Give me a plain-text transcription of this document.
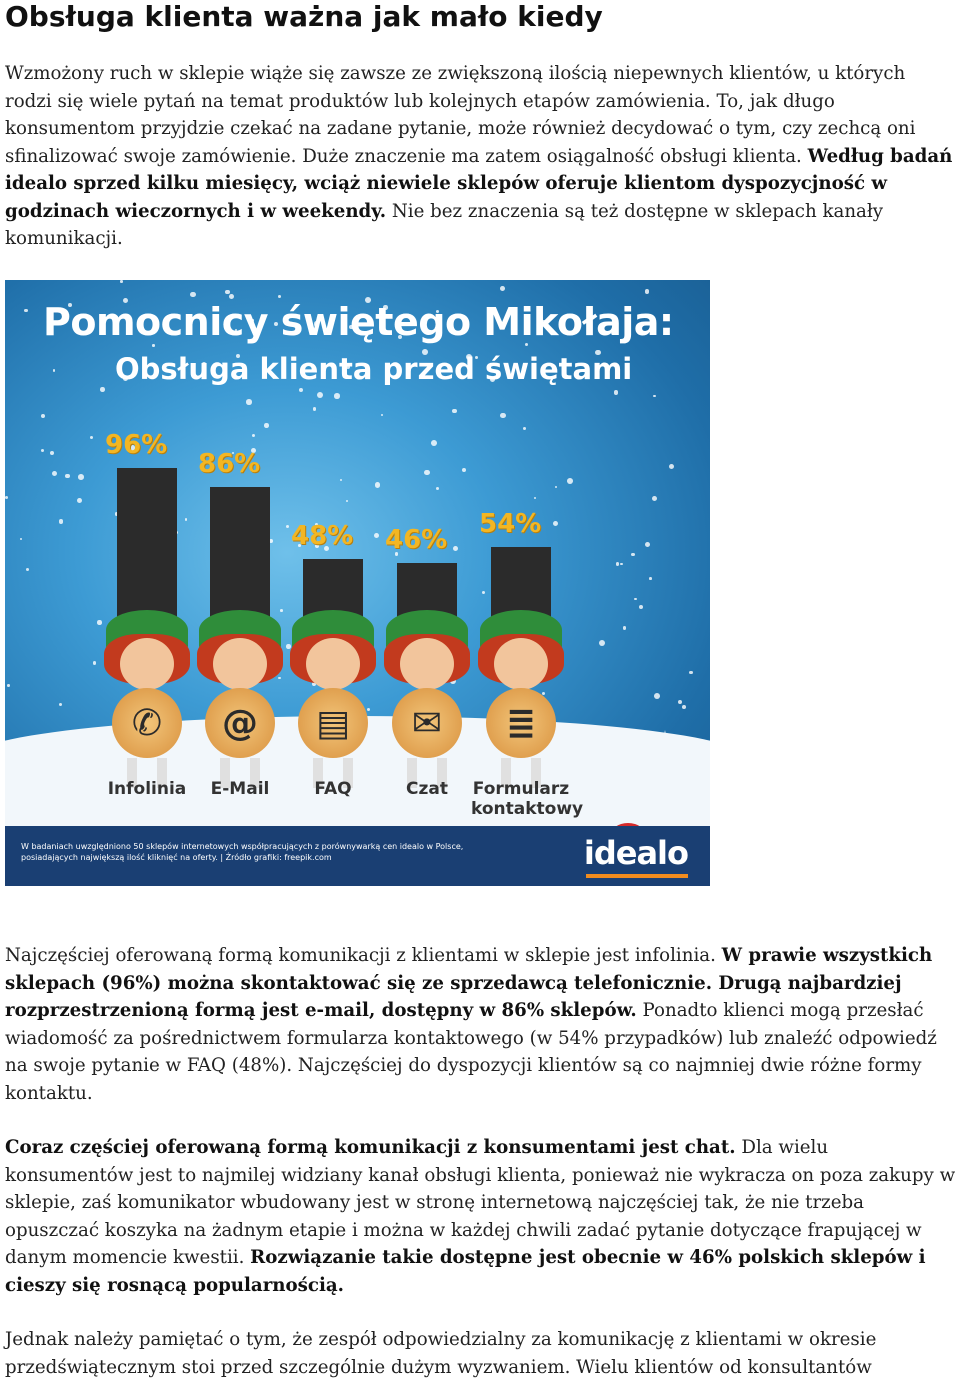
Obsługa klienta ważna jak mało kiedy

Wzmożony ruch w sklepie wiąże się zawsze ze zwiększoną ilością niepewnych klientów, u których rodzi się wiele pytań na temat produktów lub kolejnych etapów zamówienia. To, jak długo konsumentom przyjdzie czekać na zadane pytanie, może również decydować o tym, czy zechcą oni sfinalizować swoje zamówienie. Duże znaczenie ma zatem osiągalność obsługi klienta. Według badań idealo sprzed kilku miesięcy, wciąż niewiele sklepów oferuje klientom dyspozycjność w godzinach wieczornych i w weekendy. Nie bez znaczenia są też dostępne w sklepach kanały komunikacji.

Pomocnicy świętego Mikołaja:
Obsługa klienta przed świętami
96%
✆
Infolinia
86%
@
E-Mail
48%
▤
FAQ
46%
✉
Czat
54%
≣
Formularz kontaktowy

W badaniach uwzględniono 50 sklepów internetowych współpracujących z porównywarką cen idealo w Polsce, posiadających największą ilość kliknięć na oferty. | Źródło grafiki: freepik.com	idealo

Najczęściej oferowaną formą komunikacji z klientami w sklepie jest infolinia. W prawie wszystkich sklepach (96%) można skontaktować się ze sprzedawcą telefonicznie. Drugą najbardziej rozprzestrzenioną formą jest e-mail, dostępny w 86% sklepów. Ponadto klienci mogą przesłać wiadomość za pośrednictwem formularza kontaktowego (w 54% przypadków) lub znaleźć odpowiedź na swoje pytanie w FAQ (48%). Najczęściej do dyspozycji klientów są co najmniej dwie różne formy kontaktu.

Coraz częściej oferowaną formą komunikacji z konsumentami jest chat. Dla wielu konsumentów jest to najmilej widziany kanał obsługi klienta, ponieważ nie wykracza on poza zakupy w sklepie, zaś komunikator wbudowany jest w stronę internetową najczęściej tak, że nie trzeba opuszczać koszyka na żadnym etapie i można w każdej chwili zadać pytanie dotyczące frapującej w danym momencie kwestii. Rozwiązanie takie dostępne jest obecnie w 46% polskich sklepów i cieszy się rosnącą popularnością.

Jednak należy pamiętać o tym, że zespół odpowiedzialny za komunikację z klientami w okresie przedświątecznym stoi przed szczególnie dużym wyzwaniem. Wielu klientów od konsultantów
